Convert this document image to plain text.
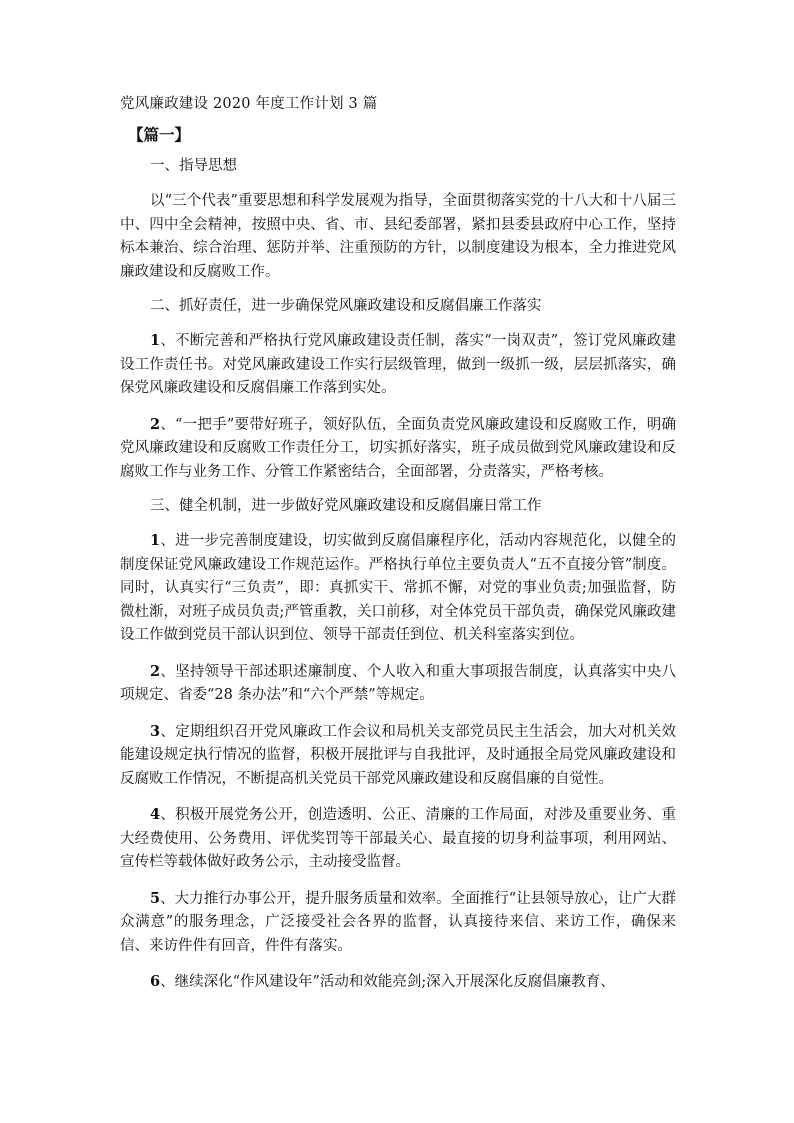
党风廉政建设 2020 年度工作计划 3 篇
【篇一】
一、指导思想

以“三个代表”重要思想和科学发展观为指导，全面贯彻落实党的十八大和十八届三中、四中全会精神，按照中央、省、市、县纪委部署，紧扣县委县政府中心工作，坚持标本兼治、综合治理、惩防并举、注重预防的方针，以制度建设为根本，全力推进党风廉政建设和反腐败工作。

二、抓好责任，进一步确保党风廉政建设和反腐倡廉工作落实

1、不断完善和严格执行党风廉政建设责任制，落实“一岗双责”，签订党风廉政建设工作责任书。对党风廉政建设工作实行层级管理，做到一级抓一级，层层抓落实，确保党风廉政建设和反腐倡廉工作落到实处。

2、“一把手”要带好班子，领好队伍，全面负责党风廉政建设和反腐败工作，明确党风廉政建设和反腐败工作责任分工，切实抓好落实，班子成员做到党风廉政建设和反腐败工作与业务工作、分管工作紧密结合，全面部署，分责落实，严格考核。

三、健全机制，进一步做好党风廉政建设和反腐倡廉日常工作

1、进一步完善制度建设，切实做到反腐倡廉程序化，活动内容规范化，以健全的制度保证党风廉政建设工作规范运作。严格执行单位主要负责人“五不直接分管”制度。同时，认真实行“三负责”，即：真抓实干、常抓不懈，对党的事业负责;加强监督，防微杜渐，对班子成员负责;严管重教，关口前移，对全体党员干部负责，确保党风廉政建设工作做到党员干部认识到位、领导干部责任到位、机关科室落实到位。

2、坚持领导干部述职述廉制度、个人收入和重大事项报告制度，认真落实中央八项规定、省委“28 条办法”和“六个严禁”等规定。

3、定期组织召开党风廉政工作会议和局机关支部党员民主生活会，加大对机关效能建设规定执行情况的监督，积极开展批评与自我批评，及时通报全局党风廉政建设和反腐败工作情况，不断提高机关党员干部党风廉政建设和反腐倡廉的自觉性。

4、积极开展党务公开，创造透明、公正、清廉的工作局面，对涉及重要业务、重大经费使用、公务费用、评优奖罚等干部最关心、最直接的切身利益事项，利用网站、宣传栏等载体做好政务公示，主动接受监督。

5、大力推行办事公开，提升服务质量和效率。全面推行“让县领导放心，让广大群众满意”的服务理念，广泛接受社会各界的监督，认真接待来信、来访工作，确保来信、来访件件有回音，件件有落实。

6、继续深化“作风建设年”活动和效能亮剑;深入开展深化反腐倡廉教育、
